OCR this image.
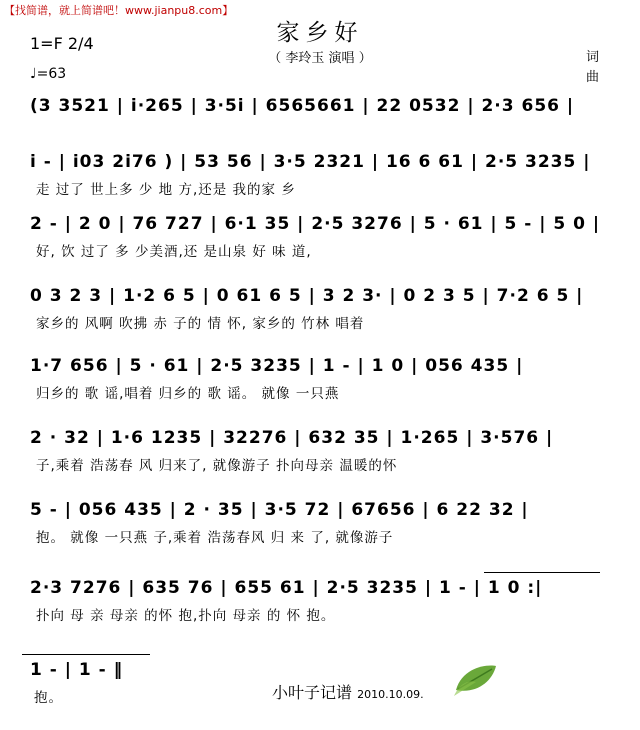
【找简谱，就上简谱吧！www.jianpu8.com】
家乡好
（ 李玲玉 演唱 ）
1=F 2/4
♩=63
词
曲
(3 3521 | i·265 | 3·5i | 6565661 | 22 0532 | 2·3 656 |
i - | i03 2i76 ) | 53 56 | 3·5 2321 | 16 6 61 | 2·5 3235 |
走 过了 世上多 少 地 方,还是 我的家 乡
2 - | 2 0 | 76 727 | 6·1 35 | 2·5 3276 | 5 · 61 | 5 - | 5 0 |
好, 饮 过了 多 少美酒,还 是山泉 好 味 道,
0 3 2 3 | 1·2 6 5 | 0 61 6 5 | 3 2 3· | 0 2 3 5 | 7·2 6 5 |
家乡的 风啊 吹拂 赤 子的 情 怀, 家乡的 竹林 唱着
1·7 656 | 5 · 61 | 2·5 3235 | 1 - | 1 0 | 056 435 |
归乡的 歌 谣,唱着 归乡的 歌 谣。 就像 一只燕
2 · 32 | 1·6 1235 | 32276 | 632 35 | 1·265 | 3·576 |
子,乘着 浩荡春 风 归来了, 就像游子 扑向母亲 温暖的怀
5 - | 056 435 | 2 · 35 | 3·5 72 | 67656 | 6 22 32 |
抱。 就像 一只燕 子,乘着 浩荡春风 归 来 了, 就像游子
2·3 7276 | 635 76 | 655 61 | 2·5 3235 | 1 - | 1 0 :|
扑向 母 亲 母亲 的怀 抱,扑向 母亲 的 怀 抱。
1 - | 1 - ‖
抱。	小叶子记谱 2010.10.09.
